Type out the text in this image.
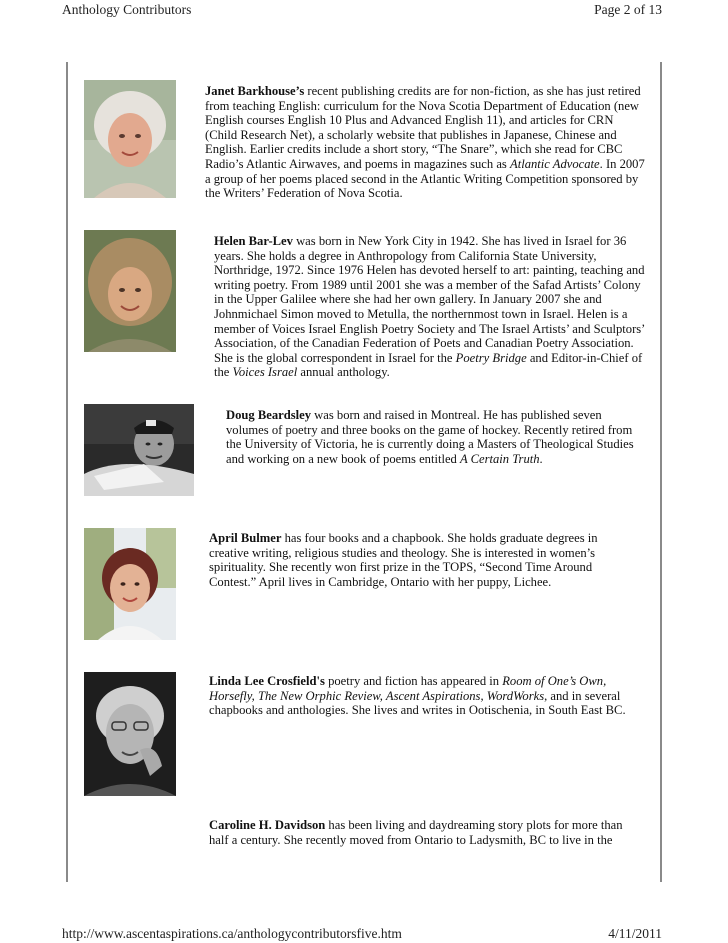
Anthology Contributors	Page 2 of 13

Janet Barkhouse’s recent publishing credits are for non-fiction, as she has just retired from teaching English: curriculum for the Nova Scotia Department of Education (new English courses English 10 Plus and Advanced English 11), and articles for CRN (Child Research Net), a scholarly website that publishes in Japanese, Chinese and English. Earlier credits include a short story, “The Snare”, which she read for CBC Radio’s Atlantic Airwaves, and poems in magazines such as Atlantic Advocate. In 2007 a group of her poems placed second in the Atlantic Writing Competition sponsored by the Writers’ Federation of Nova Scotia.

Helen Bar-Lev was born in New York City in 1942. She has lived in Israel for 36 years. She holds a degree in Anthropology from California State University, Northridge, 1972. Since 1976 Helen has devoted herself to art: painting, teaching and writing poetry. From 1989 until 2001 she was a member of the Safad Artists’ Colony in the Upper Galilee where she had her own gallery. In January 2007 she and Johnmichael Simon moved to Metulla, the northernmost town in Israel. Helen is a member of Voices Israel English Poetry Society and The Israel Artists’ and Sculptors’ Association, of the Canadian Federation of Poets and Canadian Poetry Association. She is the global correspondent in Israel for the Poetry Bridge and Editor-in-Chief of the Voices Israel annual anthology.

Doug Beardsley was born and raised in Montreal. He has published seven volumes of poetry and three books on the game of hockey. Recently retired from the University of Victoria, he is currently doing a Masters of Theological Studies and working on a new book of poems entitled A Certain Truth.

April Bulmer has four books and a chapbook. She holds graduate degrees in creative writing, religious studies and theology. She is interested in women’s spirituality. She recently won first prize in the TOPS, “Second Time Around Contest.” April lives in Cambridge, Ontario with her puppy, Lichee.

Linda Lee Crosfield's poetry and fiction has appeared in Room of One’s Own, Horsefly, The New Orphic Review, Ascent Aspirations, WordWorks, and in several chapbooks and anthologies. She lives and writes in Ootischenia, in South East BC.

Caroline H. Davidson has been living and daydreaming story plots for more than half a century. She recently moved from Ontario to Ladysmith, BC to live in the

http://www.ascentaspirations.ca/anthologycontributorsfive.htm	4/11/2011
